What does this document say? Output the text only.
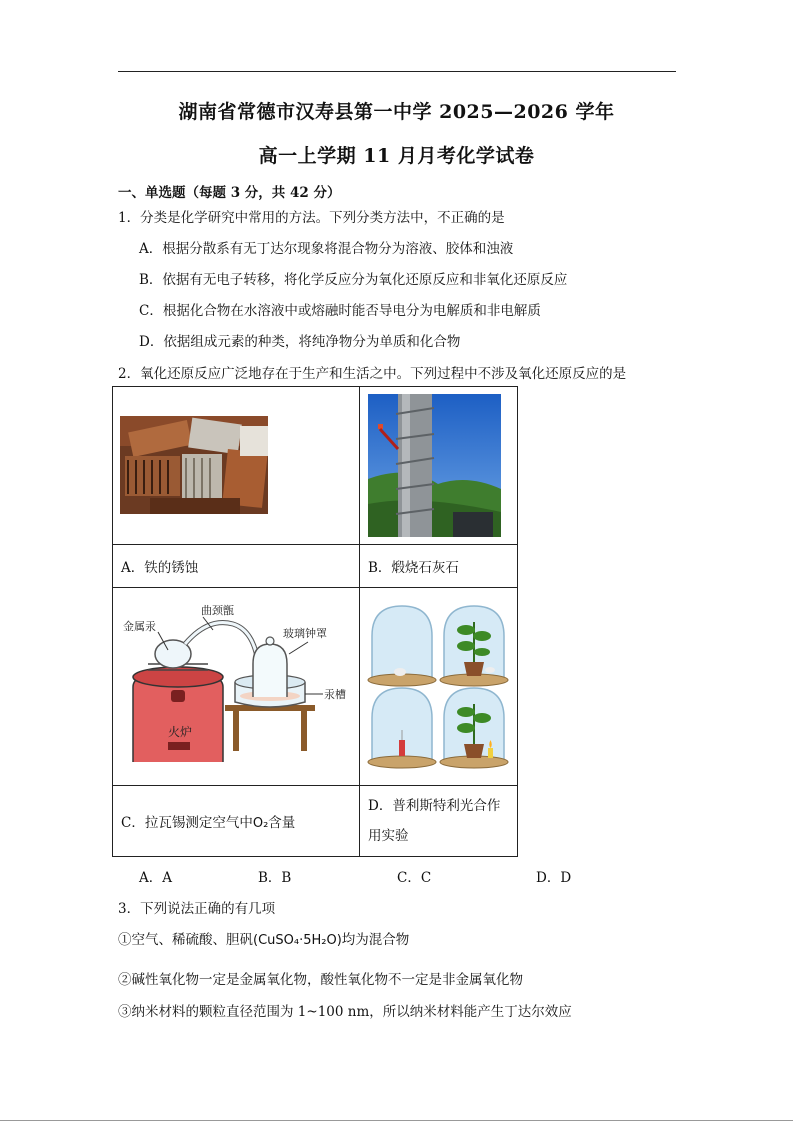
湖南省常德市汉寿县第一中学 2025—2026 学年
高一上学期 11 月月考化学试卷
一、单选题（每题 3 分，共 42 分）
1．分类是化学研究中常用的方法。下列分类方法中，不正确的是
A．根据分散系有无丁达尔现象将混合物分为溶液、胶体和浊液
B．依据有无电子转移，将化学反应分为氧化还原反应和非氧化还原反应
C．根据化合物在水溶液中或熔融时能否导电分为电解质和非电解质
D．依据组成元素的种类，将纯净物分为单质和化合物
2．氧化还原反应广泛地存在于生产和生活之中。下列过程中不涉及氧化还原反应的是

A．铁的锈蚀	B．煅烧石灰石

火炉
金属汞
曲颈甑
玻璃钟罩
汞槽

C．拉瓦锡测定空气中O₂含量	D．普利斯特利光合作
用实验
A．A	B．B	C．C	D．D
3．下列说法正确的有几项
①空气、稀硫酸、胆矾(CuSO₄·5H₂O)均为混合物
②碱性氧化物一定是金属氧化物，酸性氧化物不一定是非金属氧化物
③纳米材料的颗粒直径范围为 1~100 nm，所以纳米材料能产生丁达尔效应
